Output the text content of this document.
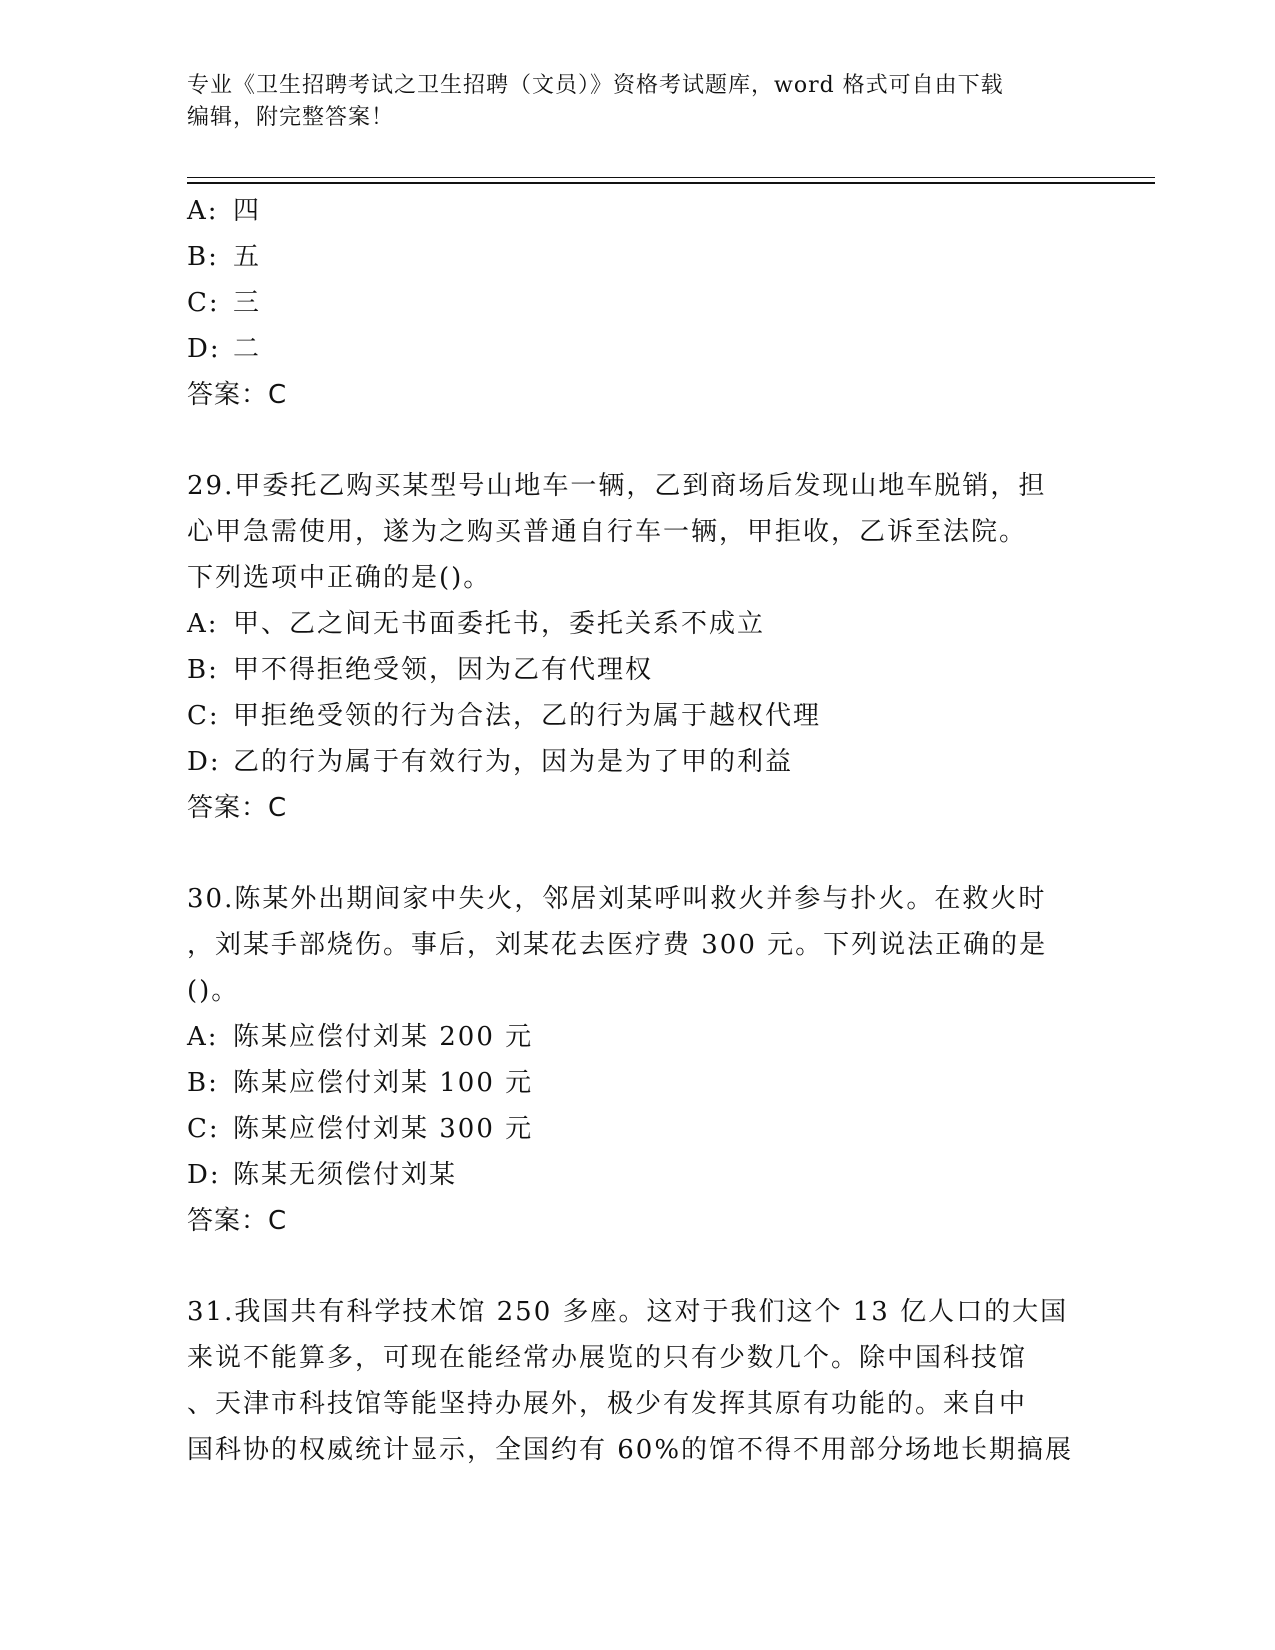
专业《卫生招聘考试之卫生招聘（文员）》资格考试题库，word 格式可自由下载
编辑，附完整答案！
A: 四
B: 五
C: 三
D: 二
答案：C
29.甲委托乙购买某型号山地车一辆，乙到商场后发现山地车脱销，担
心甲急需使用，遂为之购买普通自行车一辆，甲拒收，乙诉至法院。
下列选项中正确的是()。
A: 甲、乙之间无书面委托书，委托关系不成立
B: 甲不得拒绝受领，因为乙有代理权
C: 甲拒绝受领的行为合法，乙的行为属于越权代理
D: 乙的行为属于有效行为，因为是为了甲的利益
答案：C
30.陈某外出期间家中失火，邻居刘某呼叫救火并参与扑火。在救火时
，刘某手部烧伤。事后，刘某花去医疗费 300 元。下列说法正确的是
()。
A: 陈某应偿付刘某 200 元
B: 陈某应偿付刘某 100 元
C: 陈某应偿付刘某 300 元
D: 陈某无须偿付刘某
答案：C
31.我国共有科学技术馆 250 多座。这对于我们这个 13 亿人口的大国
来说不能算多，可现在能经常办展览的只有少数几个。除中国科技馆
、天津市科技馆等能坚持办展外，极少有发挥其原有功能的。来自中
国科协的权威统计显示，全国约有 60%的馆不得不用部分场地长期搞展
